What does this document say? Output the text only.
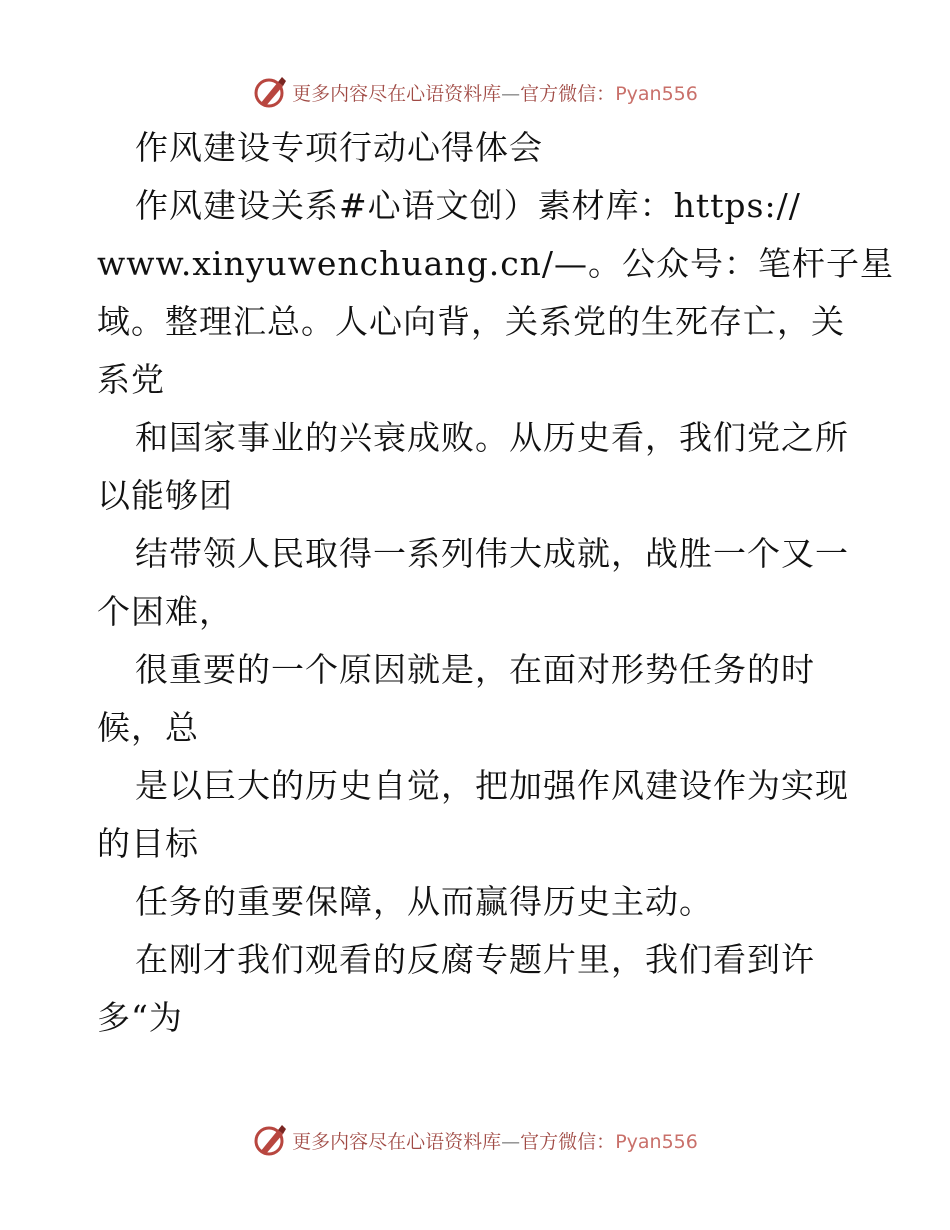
更多内容尽在心语资料库—官方微信：Pyan556
作风建设专项行动心得体会
作风建设关系#心语文创）素材库：https://
www.xinyuwenchuang.cn/—。公众号：笔杆子星
域。整理汇总。人心向背，关系党的生死存亡，关
系党
和国家事业的兴衰成败。从历史看，我们党之所
以能够团
结带领人民取得一系列伟大成就，战胜一个又一
个困难，
很重要的一个原因就是，在面对形势任务的时
候，总
是以巨大的历史自觉，把加强作风建设作为实现
的目标
任务的重要保障，从而赢得历史主动。
在刚才我们观看的反腐专题片里，我们看到许
多“为
更多内容尽在心语资料库—官方微信：Pyan556
